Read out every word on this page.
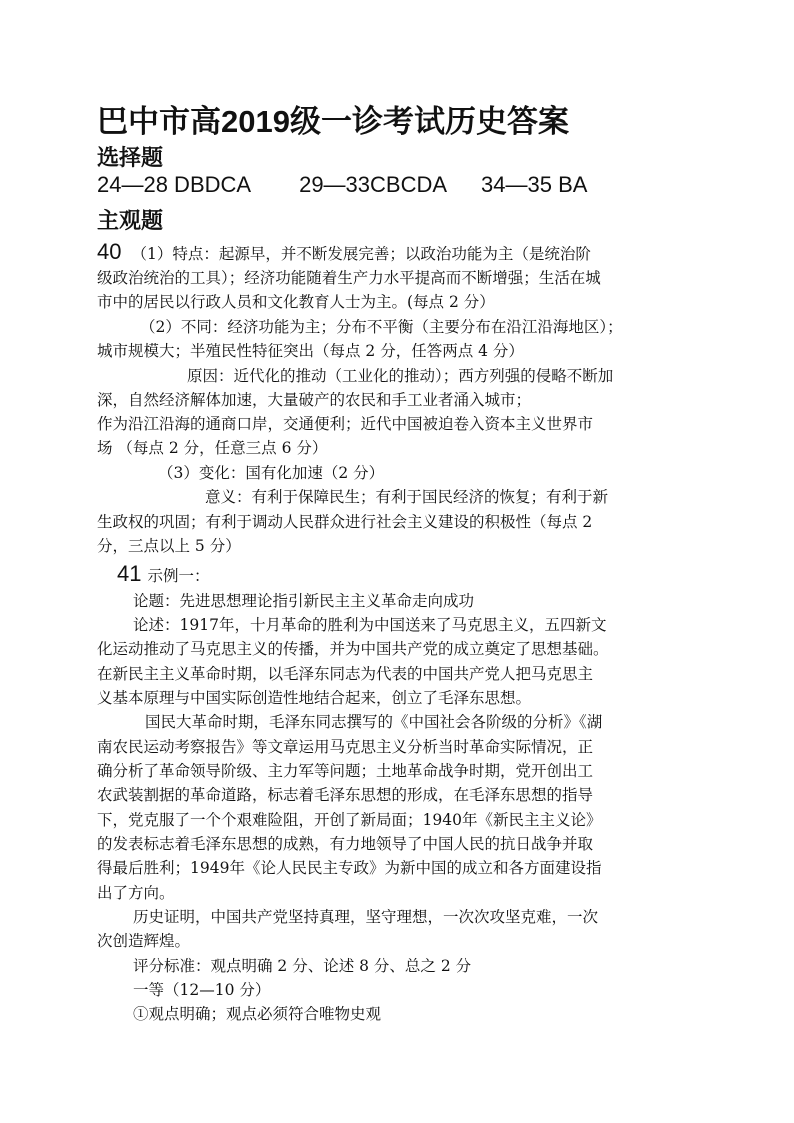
巴中市高2019级一诊考试历史答案
选择题
24—28 DBDCA 29—33CBCDA 34—35 BA
主观题
40 （1）特点：起源早，并不断发展完善；以政治功能为主（是统治阶
级政治统治的工具）；经济功能随着生产力水平提高而不断增强；生活在城
市中的居民以行政人员和文化教育人士为主。(每点 2 分）
（2）不同：经济功能为主；分布不平衡（主要分布在沿江沿海地区）；
城市规模大；半殖民性特征突出（每点 2 分，任答两点 4 分）
原因：近代化的推动（工业化的推动）；西方列强的侵略不断加
深，自然经济解体加速，大量破产的农民和手工业者涌入城市；
作为沿江沿海的通商口岸，交通便利；近代中国被迫卷入资本主义世界市
场 （每点 2 分，任意三点 6 分）
（3）变化：国有化加速（2 分）
意义：有利于保障民生；有利于国民经济的恢复；有利于新
生政权的巩固；有利于调动人民群众进行社会主义建设的积极性（每点 2
分，三点以上 5 分）
41 示例一：
论题：先进思想理论指引新民主主义革命走向成功
论述：1917年，十月革命的胜利为中国送来了马克思主义，五四新文
化运动推动了马克思主义的传播，并为中国共产党的成立奠定了思想基础。
在新民主主义革命时期，以毛泽东同志为代表的中国共产党人把马克思主
义基本原理与中国实际创造性地结合起来，创立了毛泽东思想。
国民大革命时期，毛泽东同志撰写的《中国社会各阶级的分析》《湖
南农民运动考察报告》等文章运用马克思主义分析当时革命实际情况，正
确分析了革命领导阶级、主力军等问题；土地革命战争时期，党开创出工
农武装割据的革命道路，标志着毛泽东思想的形成，在毛泽东思想的指导
下，党克服了一个个艰难险阻，开创了新局面；1940年《新民主主义论》
的发表标志着毛泽东思想的成熟，有力地领导了中国人民的抗日战争并取
得最后胜利；1949年《论人民民主专政》为新中国的成立和各方面建设指
出了方向。
历史证明，中国共产党坚持真理，坚守理想，一次次攻坚克难，一次
次创造辉煌。
评分标准：观点明确 2 分、论述 8 分、总之 2 分
一等（12—10 分）
①观点明确；观点必须符合唯物史观
